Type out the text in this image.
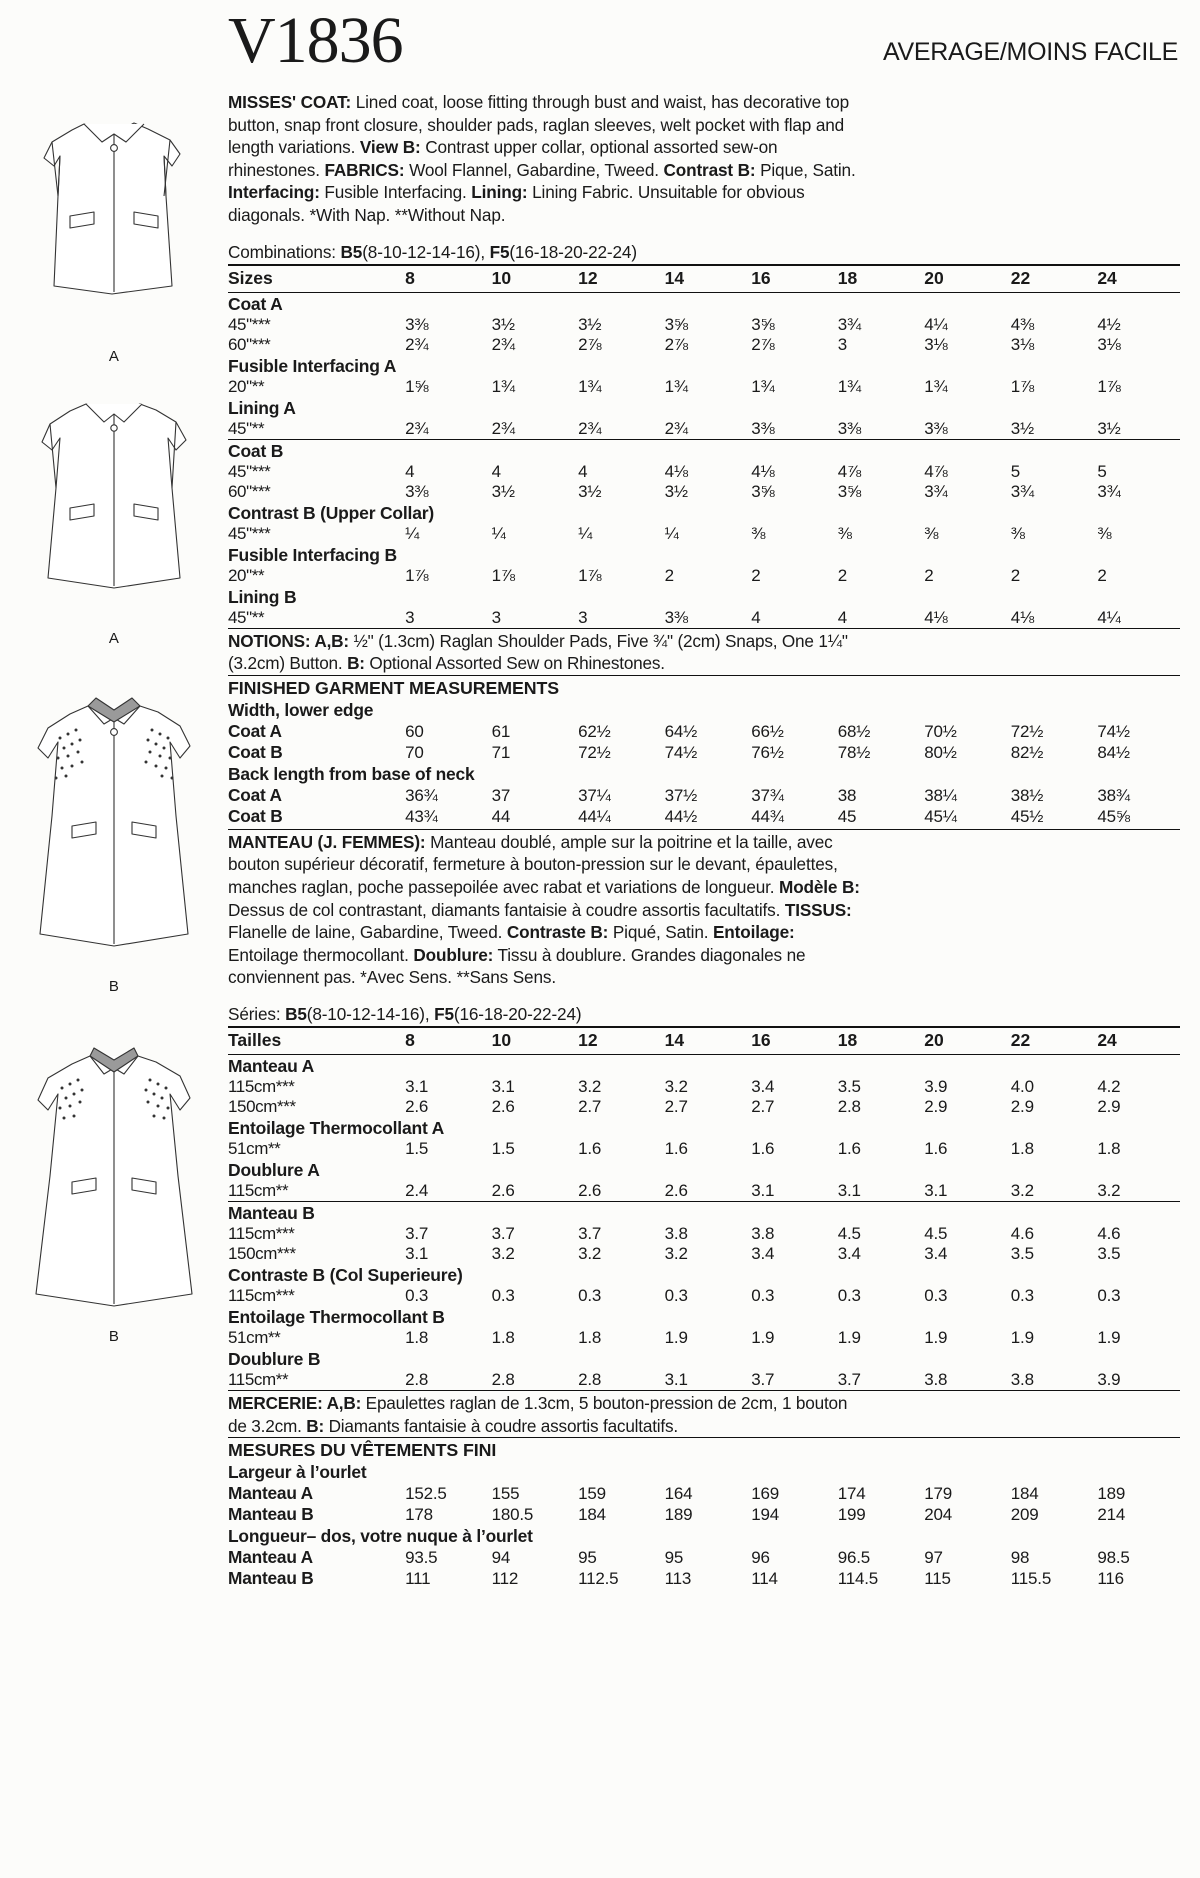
V1836	AVERAGE/MOINS FACILE
A
A
B
B

MISSES' COAT: Lined coat, loose fitting through bust and waist, has decorative top

button, snap front closure, shoulder pads, raglan sleeves, welt pocket with flap and

length variations. View B: Contrast upper collar, optional assorted sew-on

rhinestones. FABRICS: Wool Flannel, Gabardine, Tweed. Contrast B: Pique, Satin.

Interfacing: Fusible Interfacing. Lining: Lining Fabric. Unsuitable for obvious

diagonals. *With Nap. **Without Nap.

Combinations: B5(8-10-12-14-16), F5(16-18-20-22-24)
Sizes	8	10	12	14	16	18	20	22	24
Coat A									
45"***	3⅜	3½	3½	3⅝	3⅝	3¾	4¼	4⅜	4½
60"***	2¾	2¾	2⅞	2⅞	2⅞	3	3⅛	3⅛	3⅛
Fusible Interfacing A									
20"**	1⅝	1¾	1¾	1¾	1¾	1¾	1¾	1⅞	1⅞
Lining A									
45"**	2¾	2¾	2¾	2¾	3⅜	3⅜	3⅜	3½	3½
Coat B									
45"***	4	4	4	4⅛	4⅛	4⅞	4⅞	5	5
60"***	3⅜	3½	3½	3½	3⅝	3⅝	3¾	3¾	3¾
Contrast B (Upper Collar)									
45"***	¼	¼	¼	¼	⅜	⅜	⅜	⅜	⅜
Fusible Interfacing B									
20"**	1⅞	1⅞	1⅞	2	2	2	2	2	2
Lining B									
45"**	3	3	3	3⅜	4	4	4⅛	4⅛	4¼

NOTIONS: A,B: ½" (1.3cm) Raglan Shoulder Pads, Five ¾" (2cm) Snaps, One 1¼"

(3.2cm) Button. B: Optional Assorted Sew on Rhinestones.

FINISHED GARMENT MEASUREMENTS
Width, lower edge									
Coat A	60	61	62½	64½	66½	68½	70½	72½	74½
Coat B	70	71	72½	74½	76½	78½	80½	82½	84½
Back length from base of neck									
Coat A	36¾	37	37¼	37½	37¾	38	38¼	38½	38¾
Coat B	43¾	44	44¼	44½	44¾	45	45¼	45½	45⅝

MANTEAU (J. FEMMES): Manteau doublé, ample sur la poitrine et la taille, avec

bouton supérieur décoratif, fermeture à bouton-pression sur le devant, épaulettes,

manches raglan, poche passepoilée avec rabat et variations de longueur. Modèle B:

Dessus de col contrastant, diamants fantaisie à coudre assortis facultatifs. TISSUS:

Flanelle de laine, Gabardine, Tweed. Contraste B: Piqué, Satin. Entoilage:

Entoilage thermocollant. Doublure: Tissu à doublure. Grandes diagonales ne

conviennent pas. *Avec Sens. **Sans Sens.

Séries: B5(8-10-12-14-16), F5(16-18-20-22-24)
Tailles	8	10	12	14	16	18	20	22	24
Manteau A									
115cm***	3.1	3.1	3.2	3.2	3.4	3.5	3.9	4.0	4.2
150cm***	2.6	2.6	2.7	2.7	2.7	2.8	2.9	2.9	2.9
Entoilage Thermocollant A									
51cm**	1.5	1.5	1.6	1.6	1.6	1.6	1.6	1.8	1.8
Doublure A									
115cm**	2.4	2.6	2.6	2.6	3.1	3.1	3.1	3.2	3.2
Manteau B									
115cm***	3.7	3.7	3.7	3.8	3.8	4.5	4.5	4.6	4.6
150cm***	3.1	3.2	3.2	3.2	3.4	3.4	3.4	3.5	3.5
Contraste B (Col Superieure)									
115cm***	0.3	0.3	0.3	0.3	0.3	0.3	0.3	0.3	0.3
Entoilage Thermocollant B									
51cm**	1.8	1.8	1.8	1.9	1.9	1.9	1.9	1.9	1.9
Doublure B									
115cm**	2.8	2.8	2.8	3.1	3.7	3.7	3.8	3.8	3.9

MERCERIE: A,B: Epaulettes raglan de 1.3cm, 5 bouton-pression de 2cm, 1 bouton

de 3.2cm. B: Diamants fantaisie à coudre assortis facultatifs.

MESURES DU VÊTEMENTS FINI
Largeur à l’ourlet									
Manteau A	152.5	155	159	164	169	174	179	184	189
Manteau B	178	180.5	184	189	194	199	204	209	214
Longueur– dos, votre nuque à l’ourlet									
Manteau A	93.5	94	95	95	96	96.5	97	98	98.5
Manteau B	111	112	112.5	113	114	114.5	115	115.5	116
